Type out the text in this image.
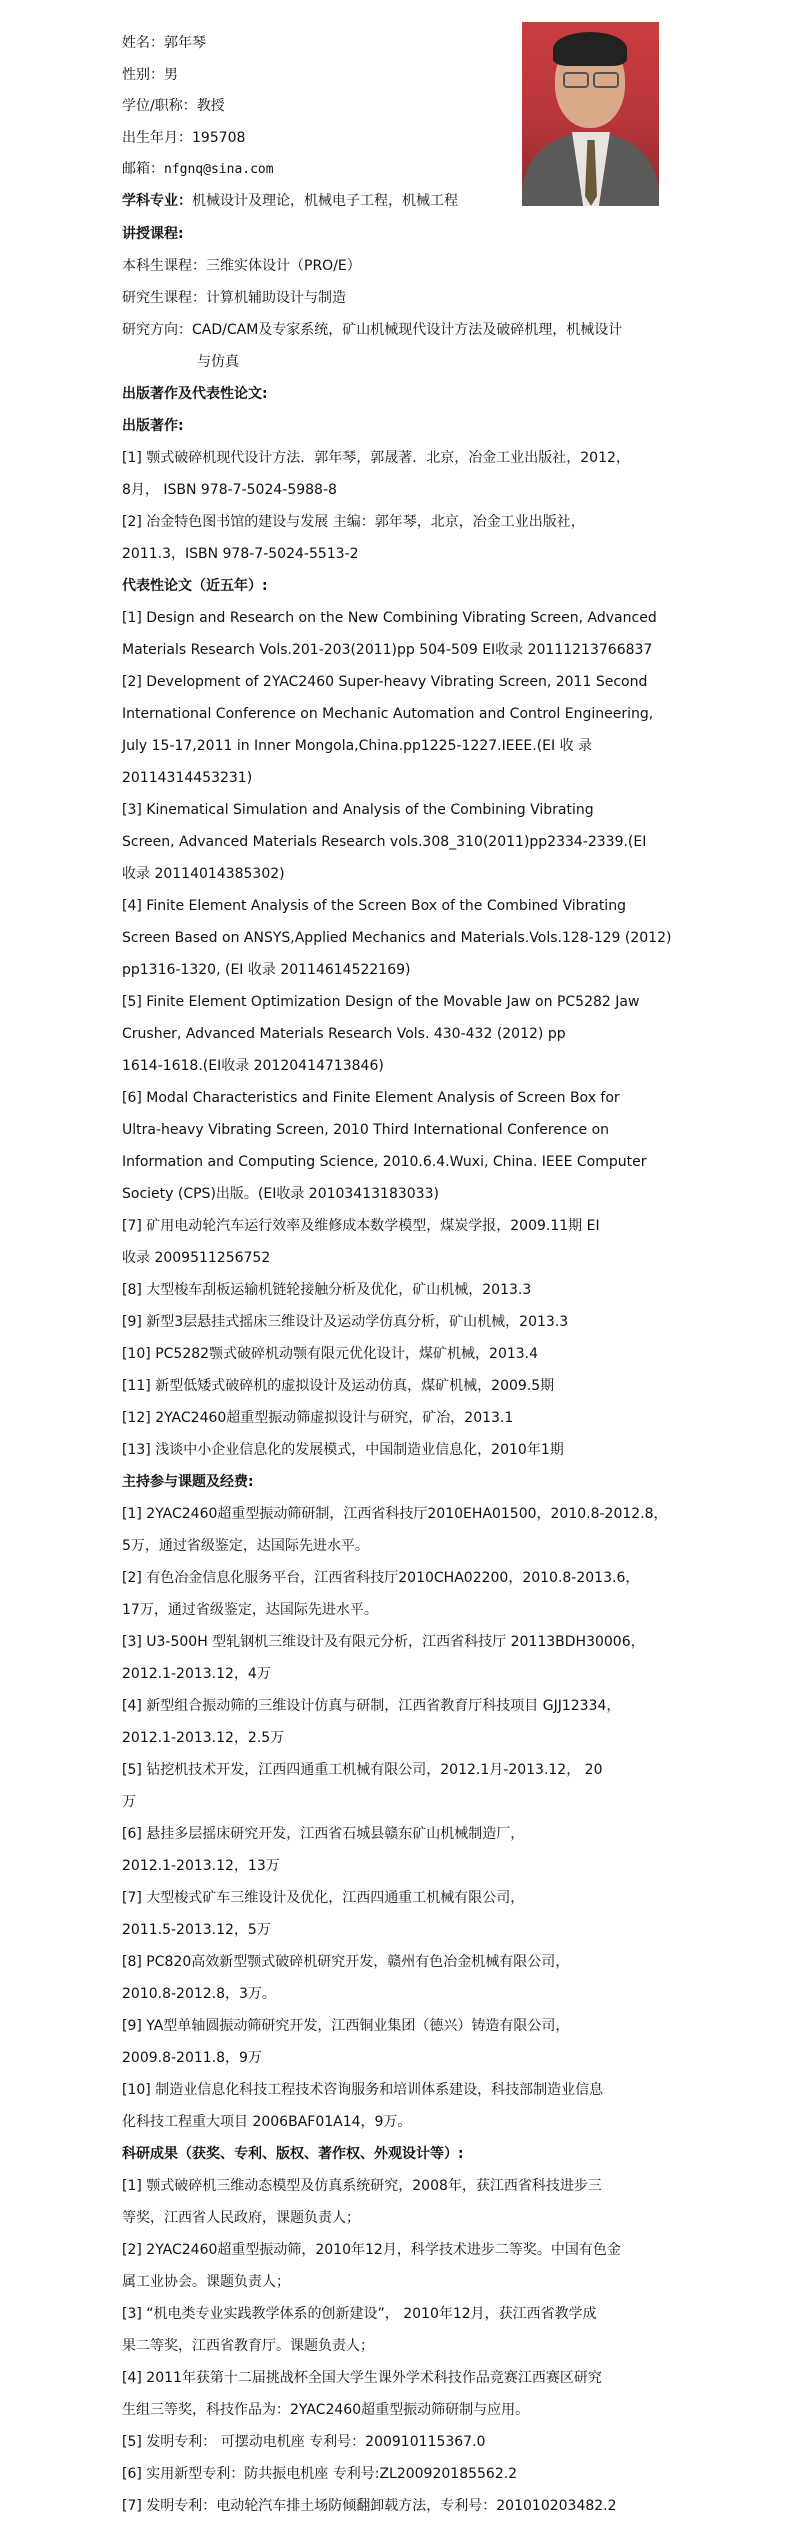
姓名：郭年琴
性别：男
学位/职称：教授
出生年月：195708
邮箱：nfgnq@sina.com
学科专业：机械设计及理论，机械电子工程，机械工程
讲授课程:
本科生课程：三维实体设计（PRO/E）
研究生课程：计算机辅助设计与制造
研究方向：CAD/CAM及专家系统，矿山机械现代设计方法及破碎机理，机械设计
与仿真
出版著作及代表性论文:
出版著作:
[1] 颚式破碎机现代设计方法．郭年琴，郭晟著．北京，冶金工业出版社，2012，
8月， ISBN 978-7-5024-5988-8
[2] 冶金特色图书馆的建设与发展 主编：郭年琴，北京，冶金工业出版社，
2011.3，ISBN 978-7-5024-5513-2
代表性论文（近五年）:
[1] Design and Research on the New Combining Vibrating Screen, Advanced
Materials Research Vols.201-203(2011)pp 504-509 EI收录 20111213766837
[2] Development of 2YAC2460 Super-heavy Vibrating Screen, 2011 Second
International Conference on Mechanic Automation and Control Engineering,
July 15-17,2011 in Inner Mongola,China.pp1225-1227.IEEE.(EI 收 录
20114314453231)
[3] Kinematical Simulation and Analysis of the Combining Vibrating
Screen, Advanced Materials Research vols.308_310(2011)pp2334-2339.(EI
收录 20114014385302)
[4] Finite Element Analysis of the Screen Box of the Combined Vibrating
Screen Based on ANSYS,Applied Mechanics and Materials.Vols.128-129 (2012)
pp1316-1320, (EI 收录 20114614522169)
[5] Finite Element Optimization Design of the Movable Jaw on PC5282 Jaw
Crusher, Advanced Materials Research Vols. 430-432 (2012) pp
1614-1618.(EI收录 20120414713846)
[6] Modal Characteristics and Finite Element Analysis of Screen Box for
Ultra-heavy Vibrating Screen, 2010 Third International Conference on
Information and Computing Science, 2010.6.4.Wuxi, China. IEEE Computer
Society (CPS)出版。(EI收录 20103413183033)
[7] 矿用电动轮汽车运行效率及维修成本数学模型，煤炭学报，2009.11期 EI
收录 2009511256752
[8] 大型梭车刮板运输机链轮接触分析及优化，矿山机械，2013.3
[9] 新型3层悬挂式摇床三维设计及运动学仿真分析，矿山机械，2013.3
[10] PC5282颚式破碎机动颚有限元优化设计，煤矿机械，2013.4
[11] 新型低矮式破碎机的虚拟设计及运动仿真，煤矿机械，2009.5期
[12] 2YAC2460超重型振动筛虚拟设计与研究，矿冶，2013.1
[13] 浅谈中小企业信息化的发展模式，中国制造业信息化，2010年1期
主持参与课题及经费:
[1] 2YAC2460超重型振动筛研制，江西省科技厅2010EHA01500，2010.8-2012.8，
5万，通过省级鉴定，达国际先进水平。
[2] 有色冶金信息化服务平台，江西省科技厅2010CHA02200，2010.8-2013.6，
17万，通过省级鉴定，达国际先进水平。
[3] U3-500H 型轧钢机三维设计及有限元分析，江西省科技厅 20113BDH30006，
2012.1-2013.12，4万
[4] 新型组合振动筛的三维设计仿真与研制，江西省教育厅科技项目 GJJ12334，
2012.1-2013.12，2.5万
[5] 钻挖机技术开发，江西四通重工机械有限公司，2012.1月-2013.12， 20
万
[6] 悬挂多层摇床研究开发，江西省石城县赣东矿山机械制造厂，
2012.1-2013.12，13万
[7] 大型梭式矿车三维设计及优化，江西四通重工机械有限公司，
2011.5-2013.12，5万
[8] PC820高效新型颚式破碎机研究开发，赣州有色冶金机械有限公司，
2010.8-2012.8，3万。
[9] YA型单轴圆振动筛研究开发，江西铜业集团（德兴）铸造有限公司，
2009.8-2011.8，9万
[10] 制造业信息化科技工程技术咨询服务和培训体系建设，科技部制造业信息
化科技工程重大项目 2006BAF01A14，9万。
科研成果（获奖、专利、版权、著作权、外观设计等）:
[1] 颚式破碎机三维动态模型及仿真系统研究，2008年，获江西省科技进步三
等奖，江西省人民政府，课题负责人；
[2] 2YAC2460超重型振动筛，2010年12月，科学技术进步二等奖。中国有色金
属工业协会。课题负责人；
[3] “机电类专业实践教学体系的创新建设”， 2010年12月，获江西省教学成
果二等奖，江西省教育厅。课题负责人；
[4] 2011年获第十二届挑战杯全国大学生课外学术科技作品竞赛江西赛区研究
生组三等奖，科技作品为：2YAC2460超重型振动筛研制与应用。
[5] 发明专利： 可摆动电机座 专利号：200910115367.0
[6] 实用新型专利：防共振电机座 专利号:ZL200920185562.2
[7] 发明专利：电动轮汽车排土场防倾翻卸载方法，专利号：201010203482.2
